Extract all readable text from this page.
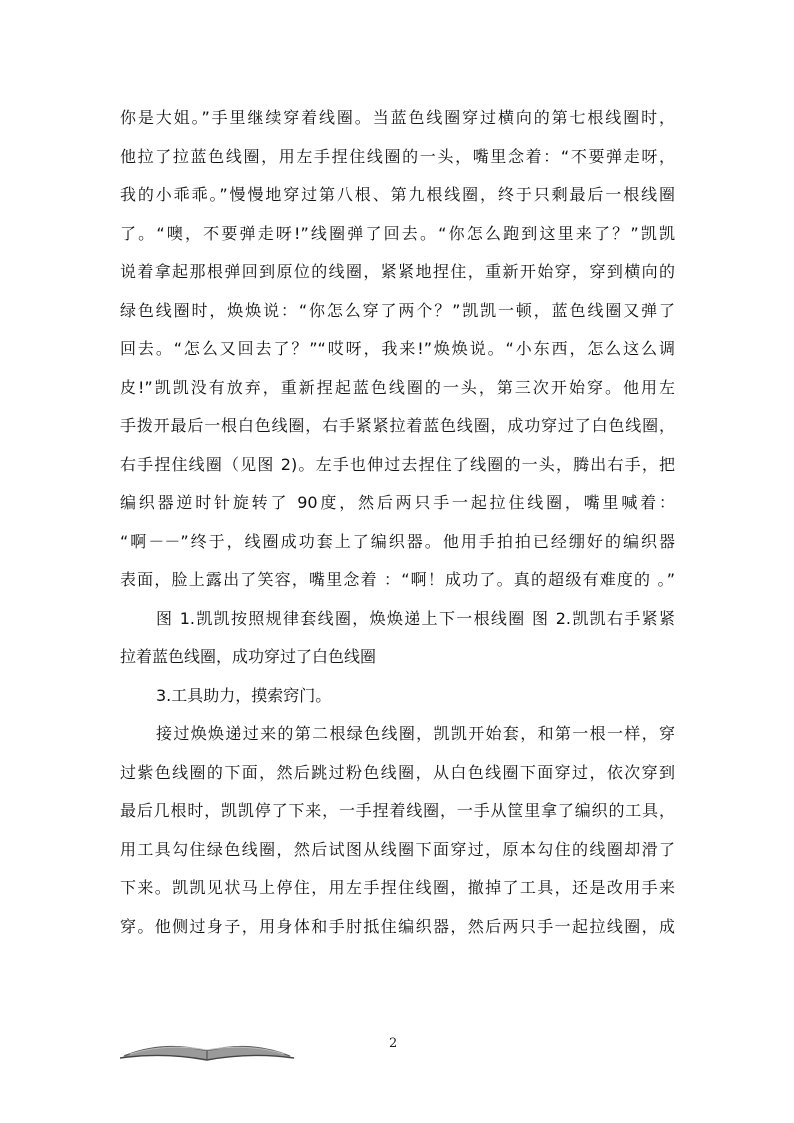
你是大姐。”手里继续穿着线圈。当蓝色线圈穿过横向的第七根线圈时，
他拉了拉蓝色线圈，用左手捏住线圈的一头，嘴里念着：“不要弹走呀，
我的小乖乖。”慢慢地穿过第八根、第九根线圈，终于只剩最后一根线圈
了。“噢，不要弹走呀!”线圈弹了回去。“你怎么跑到这里来了？”凯凯
说着拿起那根弹回到原位的线圈，紧紧地捏住，重新开始穿，穿到横向的
绿色线圈时，焕焕说：“你怎么穿了两个？”凯凯一顿，蓝色线圈又弹了
回去。“怎么又回去了？”“哎呀，我来!”焕焕说。“小东西，怎么这么调
皮!”凯凯没有放弃，重新捏起蓝色线圈的一头，第三次开始穿。他用左
手拨开最后一根白色线圈，右手紧紧拉着蓝色线圈，成功穿过了白色线圈，
右手捏住线圈（见图 2)。左手也伸过去捏住了线圈的一头，腾出右手，把
编织器逆时针旋转了 90度，然后两只手一起拉住线圈，嘴里喊着：
“啊－－”终于，线圈成功套上了编织器。他用手拍拍已经绷好的编织器
表面，脸上露出了笑容，嘴里念着 ：“啊！成功了。真的超级有难度的 。”
图 1.凯凯按照规律套线圈，焕焕递上下一根线圈 图 2.凯凯右手紧紧
拉着蓝色线圈，成功穿过了白色线圈
3.工具助力，摸索窍门。
接过焕焕递过来的第二根绿色线圈，凯凯开始套，和第一根一样，穿
过紫色线圈的下面，然后跳过粉色线圈，从白色线圈下面穿过，依次穿到
最后几根时，凯凯停了下来，一手捏着线圈，一手从筐里拿了编织的工具，
用工具勾住绿色线圈，然后试图从线圈下面穿过，原本勾住的线圈却滑了
下来。凯凯见状马上停住，用左手捏住线圈，撤掉了工具，还是改用手来
穿。他侧过身子，用身体和手肘抵住编织器，然后两只手一起拉线圈，成
2
